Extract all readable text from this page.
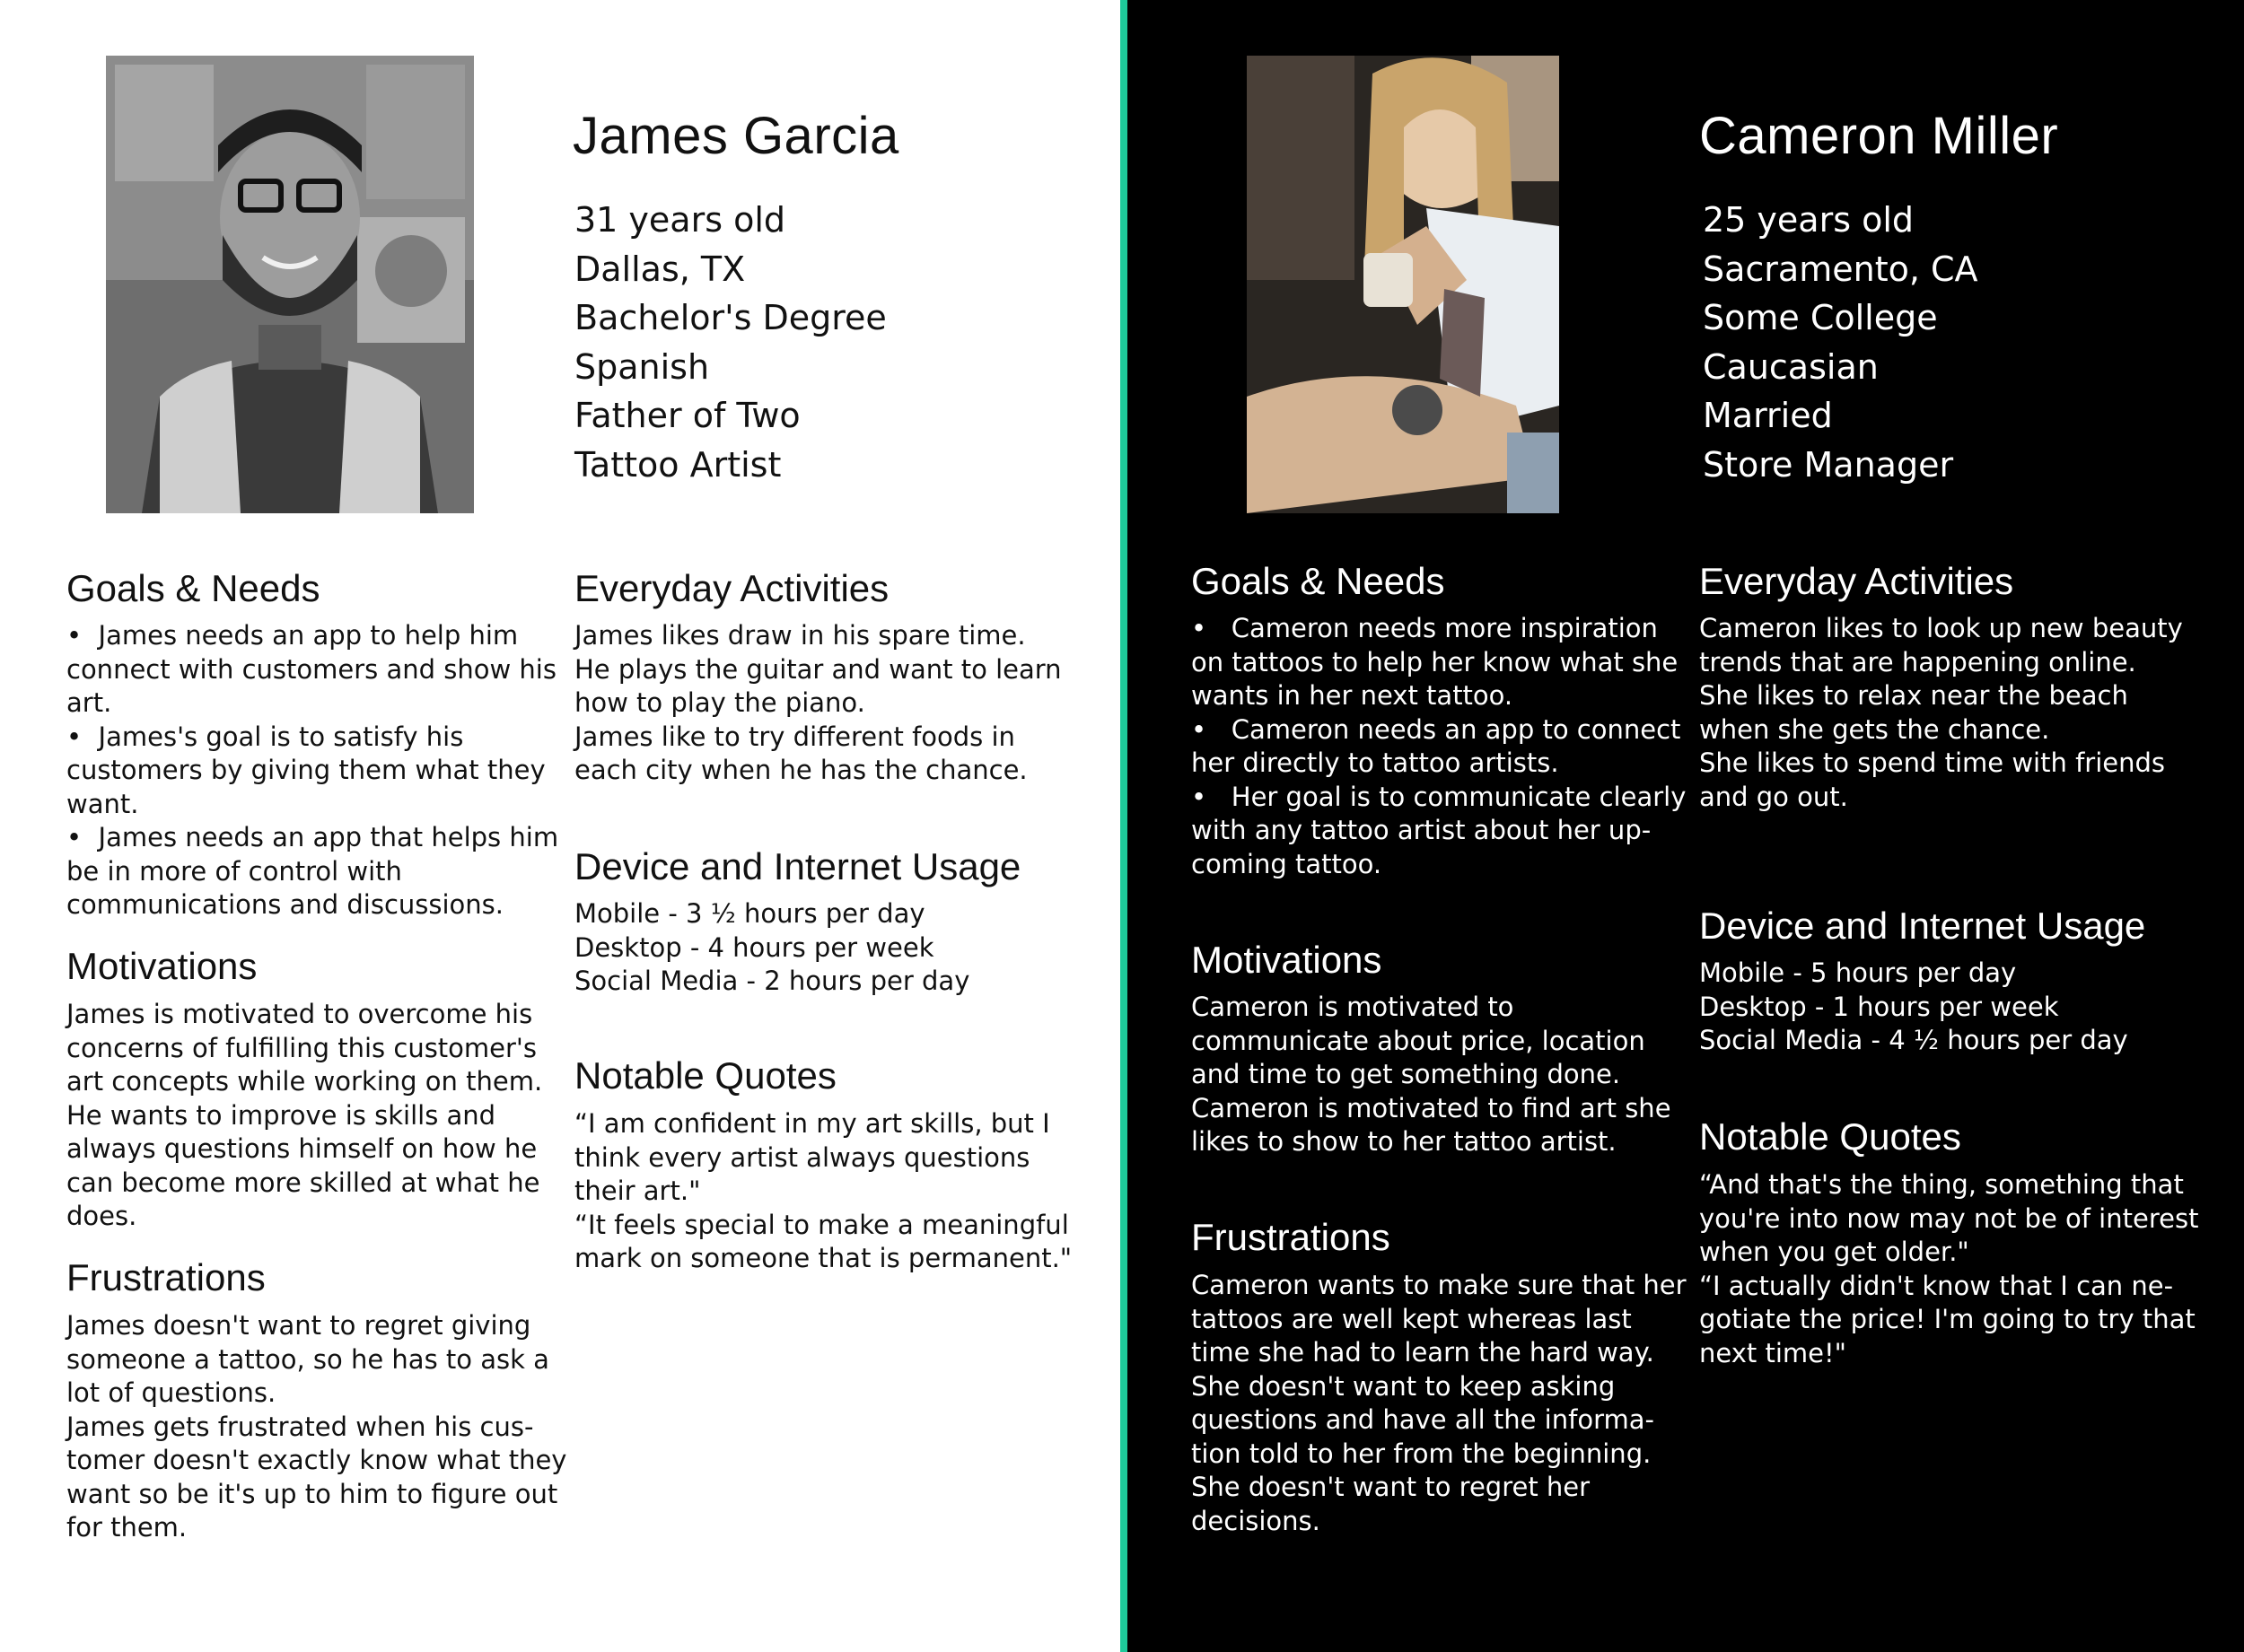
James Garcia
31 years old
Dallas, TX
Bachelor's Degree
Spanish
Father of Two
Tattoo Artist
Goals & Needs
•  James needs an app to help him
connect with customers and show his
art.
•  James's goal is to satisfy his
customers by giving them what they
want.
•  James needs an app that helps him
be in more of control with
communications and discussions.
Motivations
James is motivated to overcome his
concerns of fulfilling this customer's
art concepts while working on them.
He wants to improve is skills and
always questions himself on how he
can become more skilled at what he
does.
Frustrations
James doesn't want to regret giving
someone a tattoo, so he has to ask a
lot of questions.
James gets frustrated when his cus-
tomer doesn't exactly know what they
want so be it's up to him to figure out
for them.
Everyday Activities
James likes draw in his spare time.
He plays the guitar and want to learn
how to play the piano.
James like to try different foods in
each city when he has the chance.
Device and Internet Usage
Mobile - 3 ½ hours per day
Desktop - 4 hours per week
Social Media - 2 hours per day
Notable Quotes
“I am confident in my art skills, but I
think every artist always questions
their art."
“It feels special to make a meaningful
mark on someone that is permanent."
Cameron Miller
25 years old
Sacramento, CA
Some College
Caucasian
Married
Store Manager
Goals & Needs
•   Cameron needs more inspiration
on tattoos to help her know what she
wants in her next tattoo.
•   Cameron needs an app to connect
her directly to tattoo artists.
•   Her goal is to communicate clearly
with any tattoo artist about her up-
coming tattoo.
Motivations
Cameron is motivated to
communicate about price, location
and time to get something done.
Cameron is motivated to find art she
likes to show to her tattoo artist.
Frustrations
Cameron wants to make sure that her
tattoos are well kept whereas last
time she had to learn the hard way.
She doesn't want to keep asking
questions and have all the informa-
tion told to her from the beginning.
She doesn't want to regret her
decisions.
Everyday Activities
Cameron likes to look up new beauty
trends that are happening online.
She likes to relax near the beach
when she gets the chance.
She likes to spend time with friends
and go out.
Device and Internet Usage
Mobile - 5 hours per day
Desktop - 1 hours per week
Social Media - 4 ½ hours per day
Notable Quotes
“And that's the thing, something that
you're into now may not be of interest
when you get older."
“I actually didn't know that I can ne-
gotiate the price! I'm going to try that
next time!"
